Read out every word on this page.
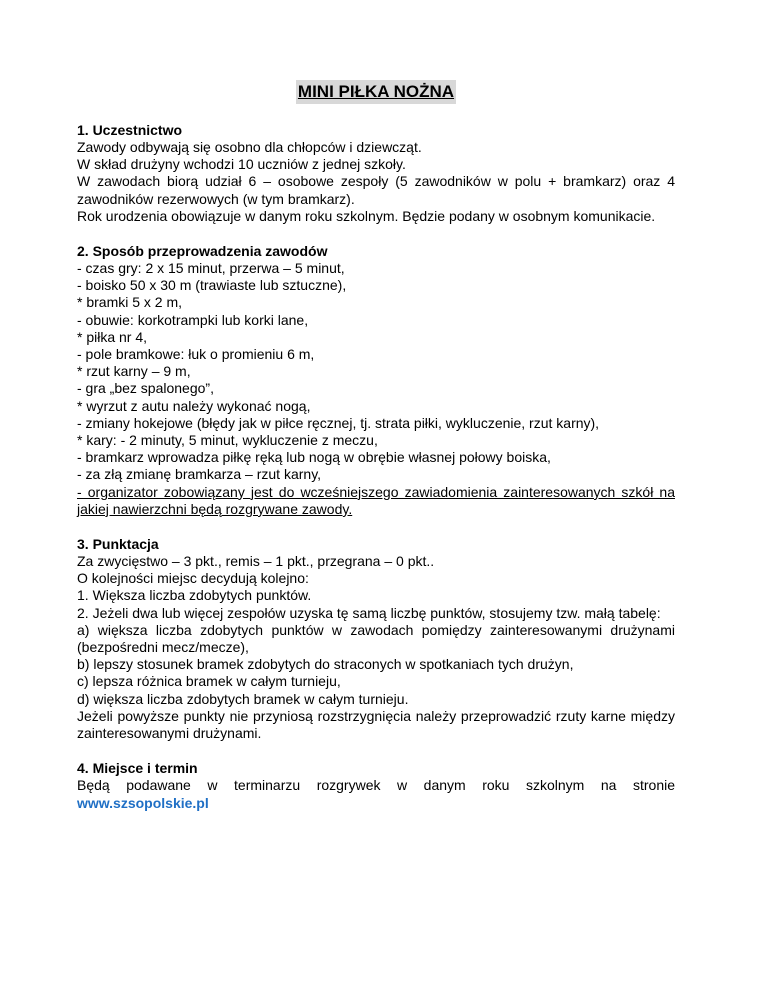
MINI PIŁKA NOŻNA
1. Uczestnictwo
Zawody odbywają się osobno dla chłopców i dziewcząt.
W skład drużyny wchodzi 10 uczniów z jednej szkoły.
W zawodach biorą udział 6 – osobowe zespoły (5 zawodników w polu + bramkarz) oraz 4 zawodników rezerwowych (w tym bramkarz).
Rok urodzenia obowiązuje w danym roku szkolnym. Będzie podany w osobnym komunikacie.
2. Sposób przeprowadzenia zawodów
- czas gry: 2 x 15 minut, przerwa – 5 minut,
- boisko 50 x 30 m (trawiaste lub sztuczne),
* bramki 5 x 2 m,
- obuwie: korkotrampki lub korki lane,
* piłka nr 4,
- pole bramkowe: łuk o promieniu 6 m,
* rzut karny – 9 m,
- gra „bez spalonego”,
* wyrzut z autu należy wykonać nogą,
- zmiany hokejowe (błędy jak w piłce ręcznej, tj. strata piłki, wykluczenie, rzut karny),
* kary: - 2 minuty, 5 minut, wykluczenie z meczu,
- bramkarz wprowadza piłkę ręką lub nogą w obrębie własnej połowy boiska,
- za złą zmianę bramkarza – rzut karny,
- organizator zobowiązany jest do wcześniejszego zawiadomienia zainteresowanych szkół na jakiej nawierzchni będą rozgrywane zawody.
3. Punktacja
Za zwycięstwo – 3 pkt., remis – 1 pkt., przegrana – 0 pkt..
O kolejności miejsc decydują kolejno:
1. Większa liczba zdobytych punktów.
2. Jeżeli dwa lub więcej zespołów uzyska tę samą liczbę punktów, stosujemy tzw. małą tabelę:
a) większa liczba zdobytych punktów w zawodach pomiędzy zainteresowanymi drużynami (bezpośredni mecz/mecze),
b) lepszy stosunek bramek zdobytych do straconych w spotkaniach tych drużyn,
c) lepsza różnica bramek w całym turnieju,
d) większa liczba zdobytych bramek w całym turnieju.
Jeżeli powyższe punkty nie przyniosą rozstrzygnięcia należy przeprowadzić rzuty karne między zainteresowanymi drużynami.
4. Miejsce i termin
Będą podawane w terminarzu rozgrywek w danym roku szkolnym na stronie
www.szsopolskie.pl
